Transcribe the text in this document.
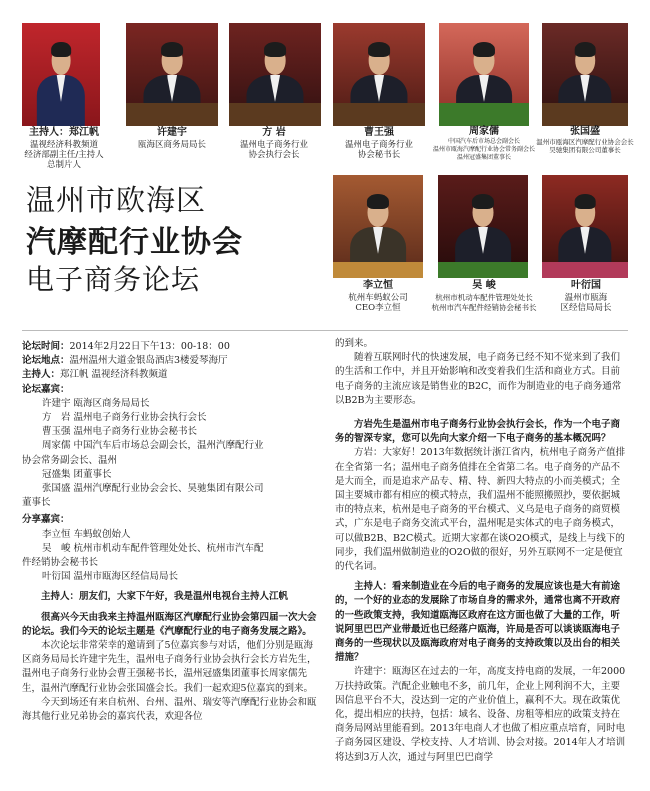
主持人：郑江帆
温视经济科教频道
经济部副主任/主持人
总制片人
许建宇
瓯海区商务局局长
方 岩
温州电子商务行业
协会执行会长
曹王强
温州电子商务行业
协会秘书长
周家儒
中国汽车后市场总会副会长
温州市瓯海汽摩配行业协会常务副会长
温州冠盛集团董事长
张国盛
温州市瓯海区汽摩配行业协会会长
昊驰集团有限公司董事长
温州市欧海区
汽摩配行业协会
电子商务论坛	李立恒
杭州车蚂蚁公司
CEO李立恒
吴 峻
杭州市机动车配件管理处处长
杭州市汽车配件经销协会秘书长
叶衍国
温州市瓯海
区经信局局长

论坛时间：2014年2月22日下午13：00-18：00

论坛地点：温州温州大道金银岛酒店3楼爱琴海厅

主持人：郑江帆 温视经济科教频道

论坛嘉宾：

许建宇 瓯海区商务局局长

方　岩 温州电子商务行业协会执行会长

曹玉强 温州电子商务行业协会秘书长

周家儒 中国汽车后市场总会副会长，温州汽摩配行业

协会常务副会长、温州

冠盛集 团董事长

张国盛 温州汽摩配行业协会会长、昊驰集团有限公司

董事长

分享嘉宾：

李立恒 车蚂蚁创始人

吴　峻 杭州市机动车配件管理处处长、杭州市汽车配

件经销协会秘书长

叶衍国 温州市瓯海区经信局局长

主持人：朋友们，大家下午好，我是温州电视台主持人江帆

很高兴今天由我来主持温州瓯海区汽摩配行业协会第四届一次大会的论坛。我们今天的论坛主题是《汽摩配行业的电子商务发展之路》。

本次论坛非常荣幸的邀请到了5位嘉宾参与对话，他们分别是瓯海区商务局局长许建宇先生，温州电子商务行业协会执行会长方岩先生，温州电子商务行业协会曹王强秘书长，温州冠盛集团董事长周家儒先生，温州汽摩配行业协会张国盛会长。我们一起欢迎5位嘉宾的到来。

今天到场还有来自杭州、台州、温州、瑞安等汽摩配行业协会和瓯海其他行业兄弟协会的嘉宾代表，欢迎各位

的到来。

随着互联网时代的快速发展，电子商务已经不知不觉来到了我们的生活和工作中，并且开始影响和改变着我们生活和商业方式。目前电子商务的主流应该是销售业的B2C，而作为制造业的电子商务通常以B2B为主要形态。

方岩先生是温州市电子商务行业协会执行会长，作为一个电子商务的智深专家，您可以先向大家介绍一下电子商务的基本概况吗？

方岩：大家好！2013年数据统计浙江省内，杭州电子商务产值排在全省第一名；温州电子商务值排在全省第二名。电子商务的产品不是大而全，而是追求产品专、精、特、新四大特点的小而美模式；全国主要城市都有相应的模式特点，我们温州不能照搬照抄，要依据城市的特点来，杭州是电子商务的平台模式、义乌是电子商务的商贸模式，广东是电子商务交流式平台，温州呢是实体式的电子商务模式，可以做B2B、B2C模式。近期大家都在谈O2O模式，是线上与线下的同步，我们温州做制造业的O2O做的很好，另外互联网不一定是便宜的代名词。

主持人：看来制造业在今后的电子商务的发展应该也是大有前途的，一个好的业态的发展除了市场自身的需求外，通常也离不开政府的一些政策支持，我知道瓯海区政府在这方面也做了大量的工作，听说阿里巴巴产业带最近也已经落户瓯海，许局是否可以谈谈瓯海电子商务的一些现状以及瓯海政府对电子商务的支持政策以及出台的相关措施？

许建宇：瓯海区在过去的一年，高度支持电商的发展，一年2000万扶持政策。汽配企业触电不多，前几年，企业上网利润不大，主要因信息平台不大，没达到一定的产业价值上，赢利不大。现在政策优化，提出相应的扶持，包括：域名、设备、房租等相应的政策支持在商务局网站里能看到。2013年电商人才也做了相应重点培育，同时电子商务园区建设、学校支持、人才培训、协会对接。2014年人才培训将达到3万人次，通过与阿里巴巴商学
